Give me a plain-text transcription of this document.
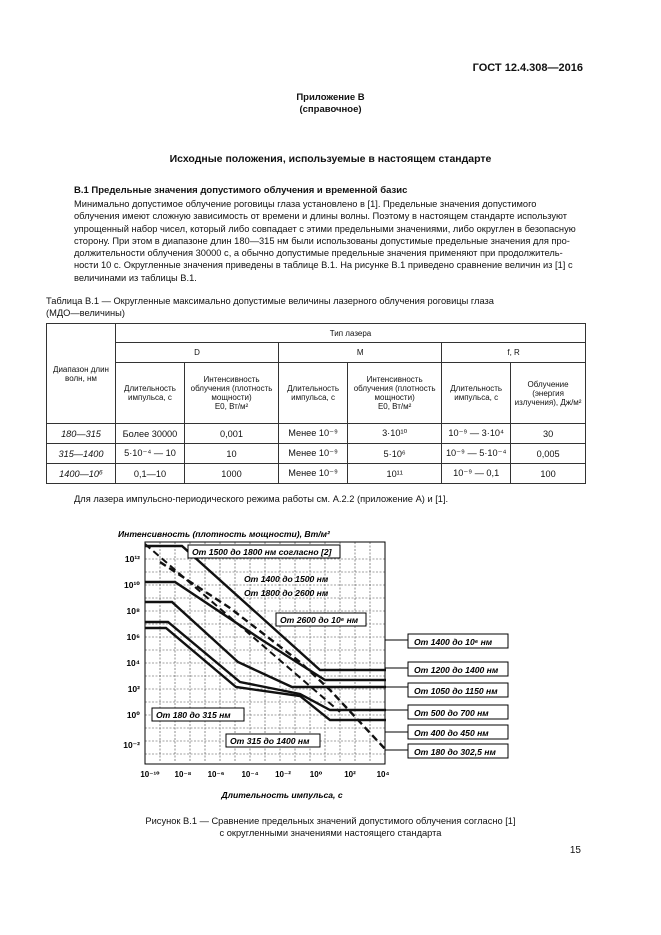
ГОСТ 12.4.308—2016
Приложение В
(справочное)
Исходные положения, используемые в настоящем стандарте
В.1 Предельные значения допустимого облучения и временной базис
Минимально допустимое облучение роговицы глаза установлено в [1]. Предельные значения допустимого
облучения имеют сложную зависимость от времени и длины волны. Поэтому в настоящем стандарте используют
упрощенный набор чисел, который либо совпадает с этими предельными значениями, либо округлен в безопасную
сторону. При этом в диапазоне длин 180—315 нм были использованы допустимые предельные значения для про-
должительности облучения 30000 с, а обычно допустимые предельные значения применяют при продолжитель-
ности 10 с. Округленные значения приведены в таблице В.1. На рисунке В.1 приведено сравнение величин из [1] с
величинами из таблицы В.1.
Таблица В.1 — Округленные максимально допустимые величины лазерного облучения роговицы глаза
(МДО—величины)
Диапазон длин волн, нм	Тип лазера					
	D		M		f, R	
	Длительность импульса, с	Интенсивность облучения (плотность мощности)
E0, Вт/м²	Длительность импульса, с	Интенсивность облучения (плотность мощности)
E0, Вт/м²	Длительность импульса, с	Облучение (энергия излучения), Дж/м²
180—315	Более 30000	0,001	Менее 10⁻⁹	3·10¹⁰	10⁻⁹ — 3·10⁴	30
315—1400	5·10⁻⁴ — 10	10	Менее 10⁻⁹	5·10⁶	10⁻⁹ — 5·10⁻⁴	0,005
1400—10⁶	0,1—10	1000	Менее 10⁻⁹	10¹¹	10⁻⁹ — 0,1	100
Для лазера импульсно-периодического режима работы см. А.2.2 (приложение А) и [1].
Интенсивность (плотность мощности), Вт/м²
Длительность импульса, с
10¹²
10¹⁰
10⁸
10⁶
10⁴
10²
10⁰
10⁻²
10⁻¹⁰ 10⁻⁸ 10⁻⁶ 10⁻⁴ 10⁻² 10⁰	10²	10⁴
От 1500 до 1800 нм согласно [2]
От 1400 до 1500 нм
От 1800 до 2600 нм
От 2600 до 10⁶ нм
От 180 до 315 нм
От 315 до 1400 нм
От 1400 до 10⁶ нм
От 1200 до 1400 нм
От 1050 до 1150 нм
От 500 до 700 нм
От 400 до 450 нм
От 180 до 302,5 нм
Рисунок В.1 — Сравнение предельных значений допустимого облучения согласно [1]
с округленными значениями настоящего стандарта
15
